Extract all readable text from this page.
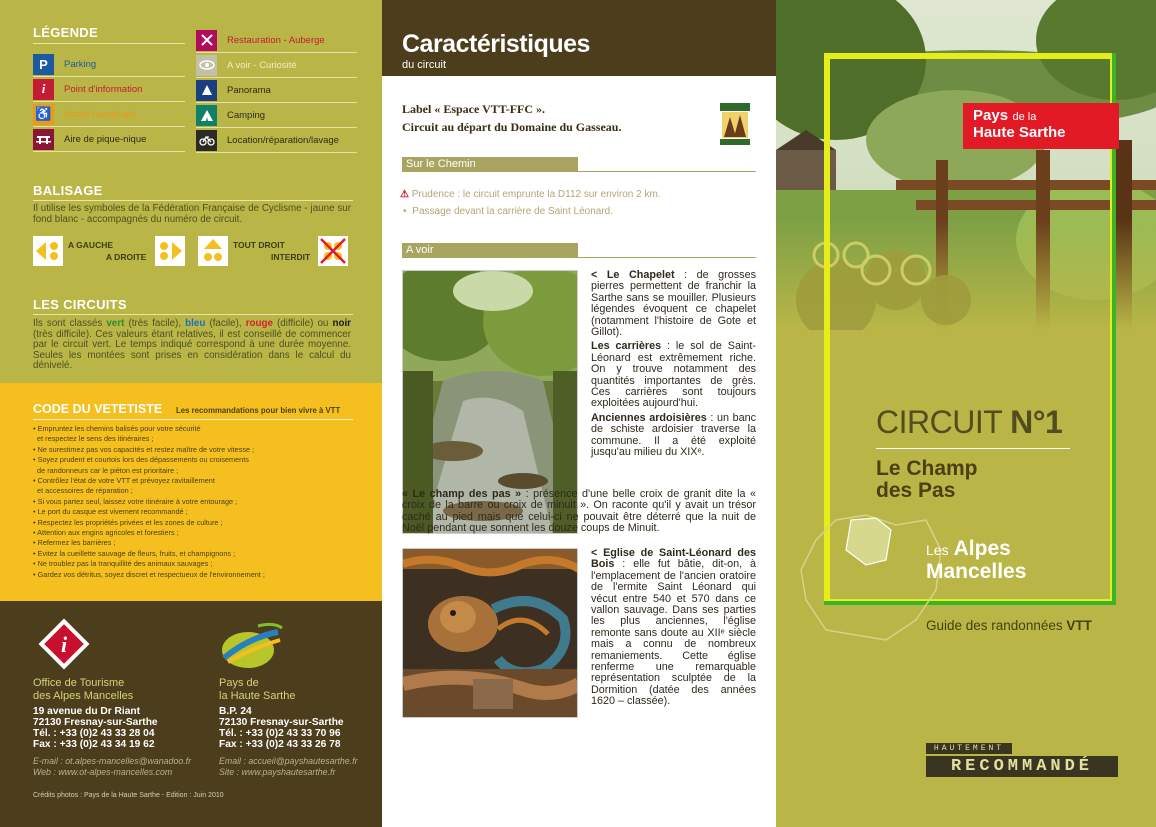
LÉGENDE
P	Parking
i	Point d'information
♿ Accès handicapé
Aire de pique-nique
Restauration - Auberge
A voir - Curiosité
Panorama
Camping
Location/réparation/lavage
BALISAGE
Il utilise les symboles de la Fédération Française de Cyclisme - jaune sur fond blanc - accompagnés du numéro de circuit.
A GAUCHE
A DROITE
TOUT DROIT
INTERDIT
LES CIRCUITS
Ils sont classés vert (très facile), bleu (facile), rouge (difficile) ou noir (très difficile). Ces valeurs étant relatives, il est conseillé de commencer par le circuit vert. Le temps indiqué correspond à une durée moyenne. Seules les montées sont prises en considération dans le calcul du dénivelé.
CODE DU VETETISTE Les recommandations pour bien vivre à VTT
• Empruntez les chemins balisés pour votre sécurité
et respectez le sens des itinéraires ;
• Ne surestimez pas vos capacités et restez maître de votre vitesse ;
• Soyez prudent et courtois lors des dépassements ou croisements
de randonneurs car le piéton est prioritaire ;
• Contrôlez l'état de votre VTT et prévoyez ravitaillement
et accessoires de réparation ;
• Si vous partez seul, laissez votre itinéraire à votre entourage ;
• Le port du casque est vivement recommandé ;
• Respectez les propriétés privées et les zones de culture ;
• Attention aux engins agricoles et forestiers ;
• Refermez les barrières ;
• Evitez la cueillette sauvage de fleurs, fruits, et champignons ;
• Ne troublez pas la tranquillité des animaux sauvages ;
• Gardez vos détritus, soyez discret et respectueux de l'environnement ;
i
Office de Tourisme
des Alpes Mancelles
19 avenue du Dr Riant
72130 Fresnay-sur-Sarthe
Tél. : +33 (0)2 43 33 28 04
Fax : +33 (0)2 43 34 19 62
E-mail : ot.alpes-mancelles@wanadoo.fr
Web : www.ot-alpes-mancelles.com
Pays de
la Haute Sarthe
B.P. 24
72130 Fresnay-sur-Sarthe
Tél. : +33 (0)2 43 33 70 96
Fax : +33 (0)2 43 33 26 78
Email : accueil@payshautesarthe.fr
Site : www.payshautesarthe.fr
Crédits photos : Pays de la Haute Sarthe - Edition : Juin 2010
Caractéristiques
du circuit
Label « Espace VTT-FFC ».
Circuit au départ du Domaine du Gasseau.
Sur le Chemin
⚠ Prudence : le circuit emprunte la D112 sur environ 2 km.
• Passage devant la carrière de Saint Léonard.
A voir
< Le Chapelet : de grosses pierres permettent de franchir la Sarthe sans se mouiller. Plusieurs légendes évoquent ce chapelet (notamment l'histoire de Gote et Gillot).
Les carrières : le sol de Saint-Léonard est extrêmement riche. On y trouve notamment des quantités importantes de grès. Ces carrières sont toujours exploitées aujourd'hui.
Anciennes ardoisières : un banc de schiste ardoisier traverse la commune. Il a été exploité jusqu'au milieu du XIXᵉ.
« Le champ des pas » : présence d'une belle croix de granit dite la « croix de la barre ou croix de minuit ». On raconte qu'il y avait un trésor caché au pied mais que celui-ci ne pouvait être déterré que la nuit de Noël pendant que sonnent les douze coups de Minuit.
< Eglise de Saint-Léonard des Bois : elle fut bâtie, dit-on, à l'emplacement de l'ancien oratoire de l'ermite Saint Léonard qui vécut entre 540 et 570 dans ce vallon sauvage. Dans ses parties les plus anciennes, l'église remonte sans doute au XIIᵉ siècle mais a connu de nombreux remaniements. Cette église renferme une remarquable représentation sculptée de la Dormition (datée des années 1620 – classée).
Pays de la
Haute Sarthe
CIRCUIT N°1
Le Champ
des Pas
Les Alpes
Mancelles
Guide des randonnées VTT
HAUTEMENT
RECOMMANDÉ
